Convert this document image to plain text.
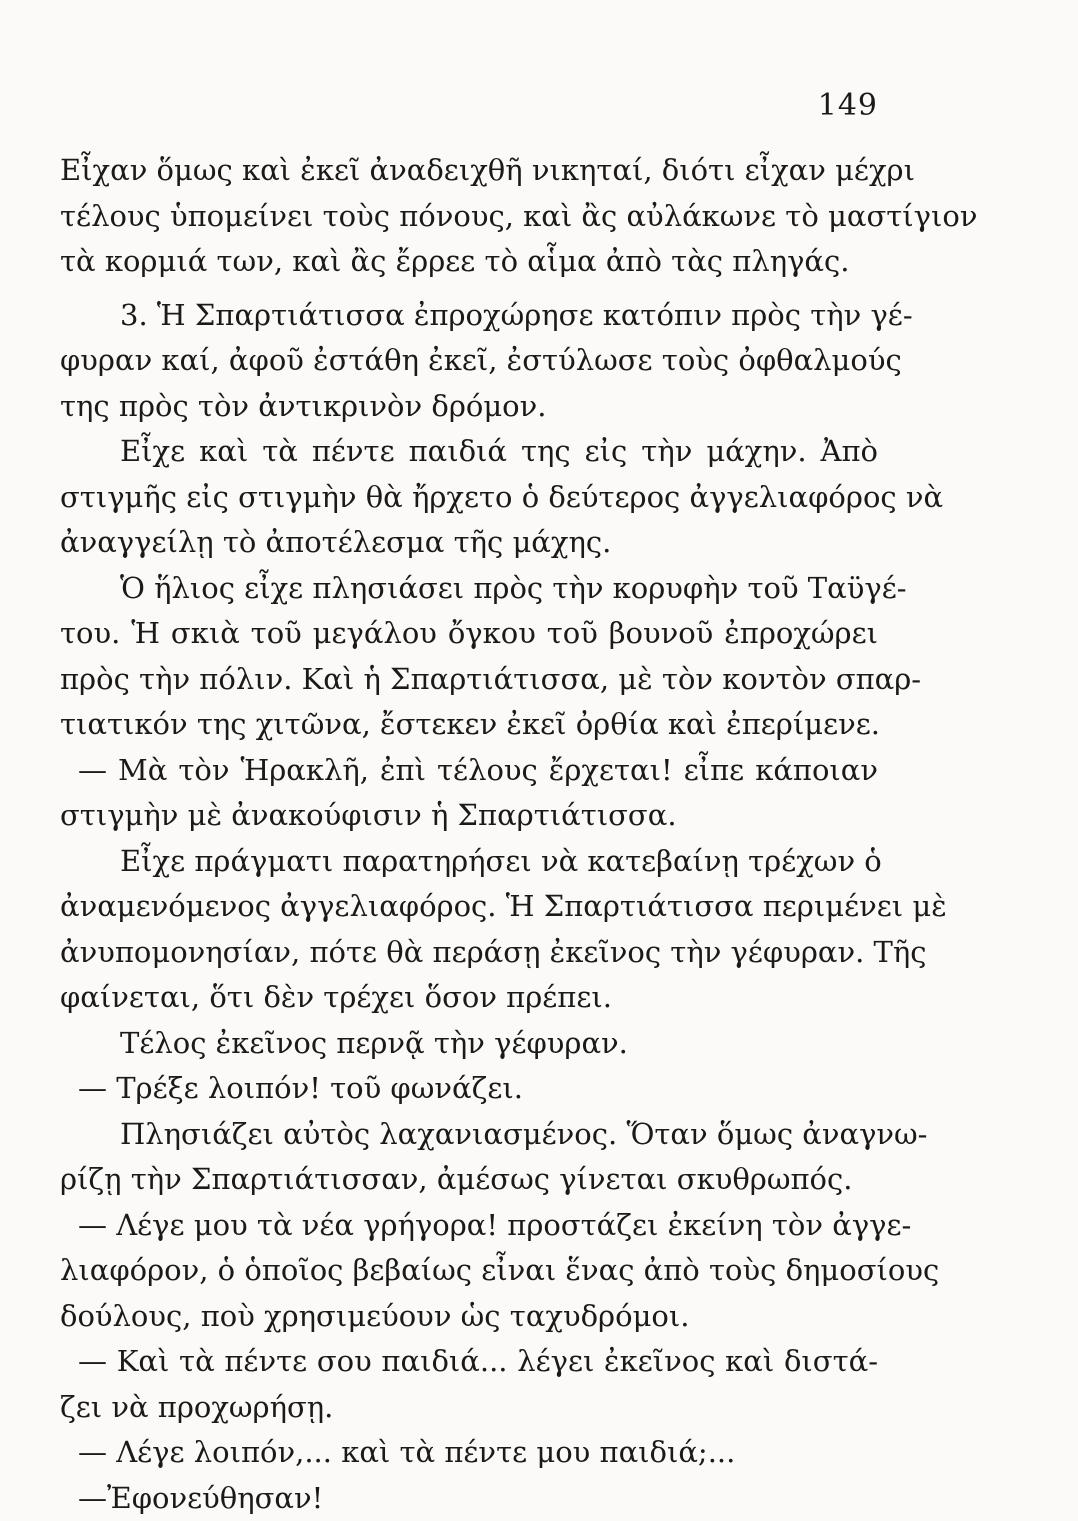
149
Εἶχαν ὅμως καὶ ἐκεῖ ἀναδειχθῆ νικηταί, διότι εἶχαν μέχρι
τέλους ὑπομείνει τοὺς πόνους, καὶ ἂς αὐλάκωνε τὸ μαστίγιον
τὰ κορμιά των, καὶ ἂς ἔρρεε τὸ αἷμα ἀπὸ τὰς πληγάς.
3. Ἡ Σπαρτιάτισσα ἐπροχώρησε κατόπιν πρὸς τὴν γέ-
φυραν καί, ἀφοῦ ἐστάθη ἐκεῖ, ἐστύλωσε τοὺς ὀφθαλμούς
της πρὸς τὸν ἀντικρινὸν δρόμον.
Εἶχε καὶ τὰ πέντε παιδιά της εἰς τὴν μάχην. Ἀπὸ
στιγμῆς εἰς στιγμὴν θὰ ἤρχετο ὁ δεύτερος ἀγγελιαφόρος νὰ
ἀναγγείλῃ τὸ ἀποτέλεσμα τῆς μάχης.
Ὁ ἥλιος εἶχε πλησιάσει πρὸς τὴν κορυφὴν τοῦ Ταϋγέ-
του. Ἡ σκιὰ τοῦ μεγάλου ὄγκου τοῦ βουνοῦ ἐπροχώρει
πρὸς τὴν πόλιν. Καὶ ἡ Σπαρτιάτισσα, μὲ τὸν κοντὸν σπαρ-
τιατικόν της χιτῶνα, ἔστεκεν ἐκεῖ ὀρθία καὶ ἐπερίμενε.
— Μὰ τὸν Ἡρακλῆ, ἐπὶ τέλους ἔρχεται! εἶπε κάποιαν
στιγμὴν μὲ ἀνακούφισιν ἡ Σπαρτιάτισσα.
Εἶχε πράγματι παρατηρήσει νὰ κατεβαίνῃ τρέχων ὁ
ἀναμενόμενος ἀγγελιαφόρος. Ἡ Σπαρτιάτισσα περιμένει μὲ
ἀνυπομονησίαν, πότε θὰ περάσῃ ἐκεῖνος τὴν γέφυραν. Τῆς
φαίνεται, ὅτι δὲν τρέχει ὅσον πρέπει.
Τέλος ἐκεῖνος περνᾷ τὴν γέφυραν.
— Τρέξε λοιπόν! τοῦ φωνάζει.
Πλησιάζει αὐτὸς λαχανιασμένος. Ὅταν ὅμως ἀναγνω-
ρίζῃ τὴν Σπαρτιάτισσαν, ἀμέσως γίνεται σκυθρωπός.
— Λέγε μου τὰ νέα γρήγορα! προστάζει ἐκείνη τὸν ἀγγε-
λιαφόρον, ὁ ὁποῖος βεβαίως εἶναι ἕνας ἀπὸ τοὺς δημοσίους
δούλους, ποὺ χρησιμεύουν ὡς ταχυδρόμοι.
— Καὶ τὰ πέντε σου παιδιά... λέγει ἐκεῖνος καὶ διστά-
ζει νὰ προχωρήσῃ.
— Λέγε λοιπόν,... καὶ τὰ πέντε μου παιδιά;...
—Ἐφονεύθησαν!
